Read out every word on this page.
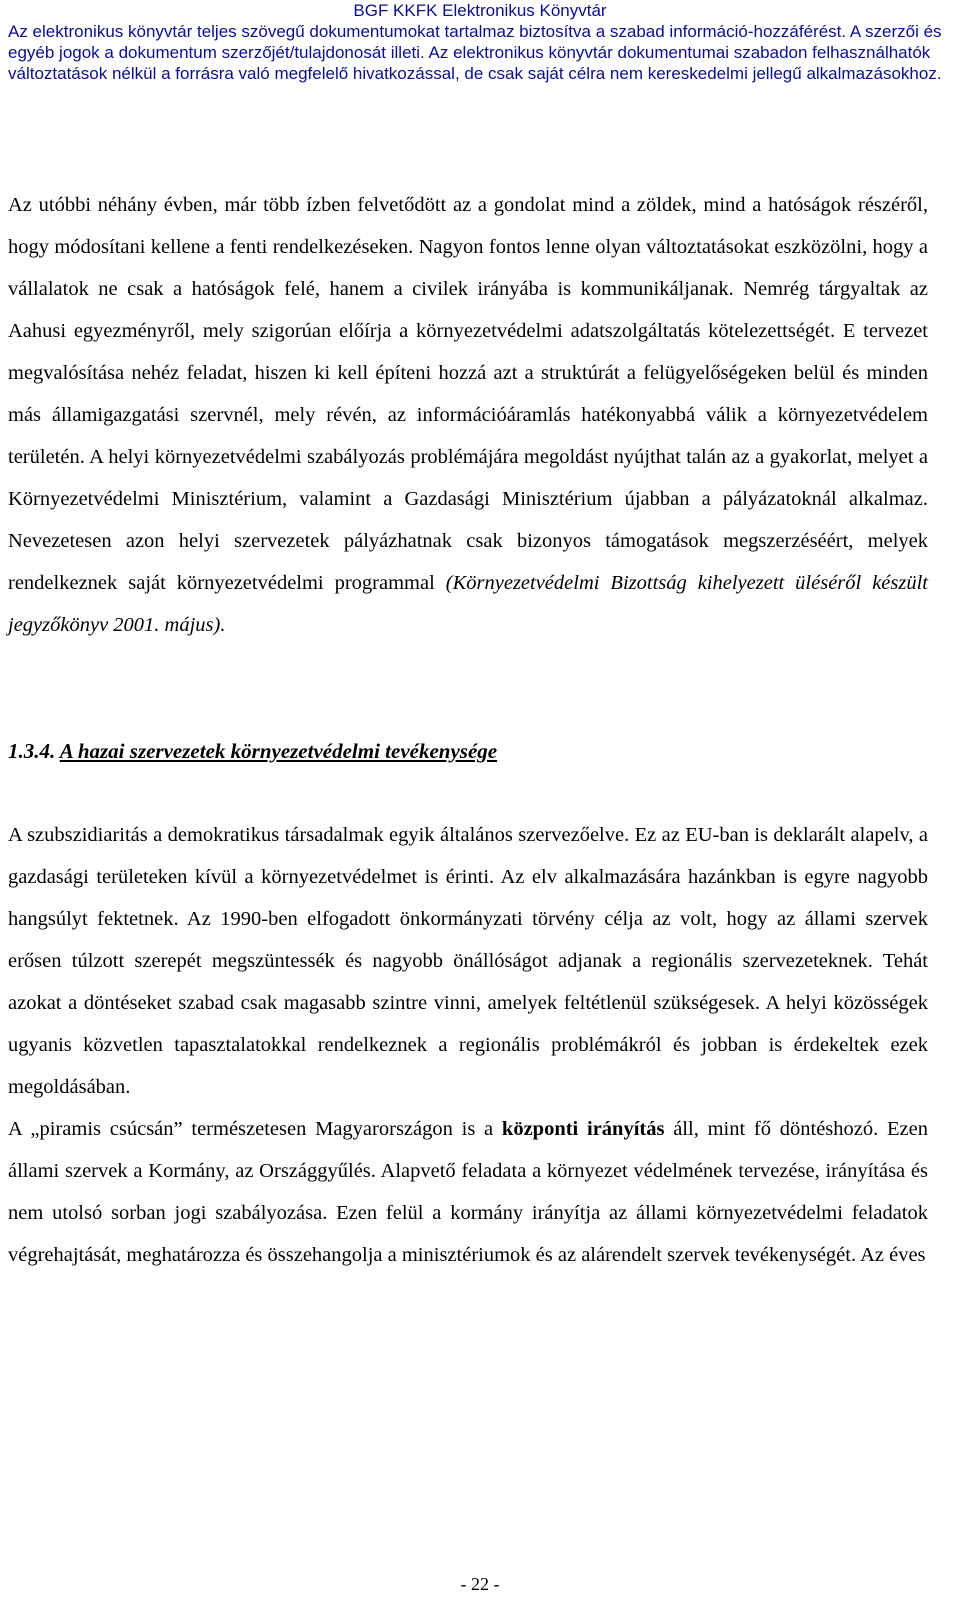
BGF KKFK Elektronikus Könyvtár
Az elektronikus könyvtár teljes szövegű dokumentumokat tartalmaz biztosítva a szabad információ-hozzáférést. A szerzői és egyéb jogok a dokumentum szerzőjét/tulajdonosát illeti. Az elektronikus könyvtár dokumentumai szabadon felhasználhatók változtatások nélkül a forrásra való megfelelő hivatkozással, de csak saját célra nem kereskedelmi jellegű alkalmazásokhoz.

Az utóbbi néhány évben, már több ízben felvetődött az a gondolat mind a zöldek, mind a hatóságok részéről, hogy módosítani kellene a fenti rendelkezéseken. Nagyon fontos lenne olyan változtatásokat eszközölni, hogy a vállalatok ne csak a hatóságok felé, hanem a civilek irányába is kommunikáljanak. Nemrég tárgyaltak az Aahusi egyezményről, mely szigorúan előírja a környezetvédelmi adatszolgáltatás kötelezettségét. E tervezet megvalósítása nehéz feladat, hiszen ki kell építeni hozzá azt a struktúrát a felügyelőségeken belül és minden más államigazgatási szervnél, mely révén, az információáramlás hatékonyabbá válik a környezetvédelem területén. A helyi környezetvédelmi szabályozás problémájára megoldást nyújthat talán az a gyakorlat, melyet a Környezetvédelmi Minisztérium, valamint a Gazdasági Minisztérium újabban a pályázatoknál alkalmaz. Nevezetesen azon helyi szervezetek pályázhatnak csak bizonyos támogatások megszerzéséért, melyek rendelkeznek saját környezetvédelmi programmal (Környezetvédelmi Bizottság kihelyezett üléséről készült jegyzőkönyv 2001. május).

1.3.4. A hazai szervezetek környezetvédelmi tevékenysége

A szubszidiaritás a demokratikus társadalmak egyik általános szervezőelve. Ez az EU-ban is deklarált alapelv, a gazdasági területeken kívül a környezetvédelmet is érinti. Az elv alkalmazására hazánkban is egyre nagyobb hangsúlyt fektetnek. Az 1990-ben elfogadott önkormányzati törvény célja az volt, hogy az állami szervek erősen túlzott szerepét megszüntessék és nagyobb önállóságot adjanak a regionális szervezeteknek. Tehát azokat a döntéseket szabad csak magasabb szintre vinni, amelyek feltétlenül szükségesek. A helyi közösségek ugyanis közvetlen tapasztalatokkal rendelkeznek a regionális problémákról és jobban is érdekeltek ezek megoldásában.

A „piramis csúcsán” természetesen Magyarországon is a központi irányítás áll, mint fő döntéshozó. Ezen állami szervek a Kormány, az Országgyűlés. Alapvető feladata a környezet védelmének tervezése, irányítása és nem utolsó sorban jogi szabályozása. Ezen felül a kormány irányítja az állami környezetvédelmi feladatok végrehajtását, meghatározza és összehangolja a minisztériumok és az alárendelt szervek tevékenységét. Az éves

- 22 -
